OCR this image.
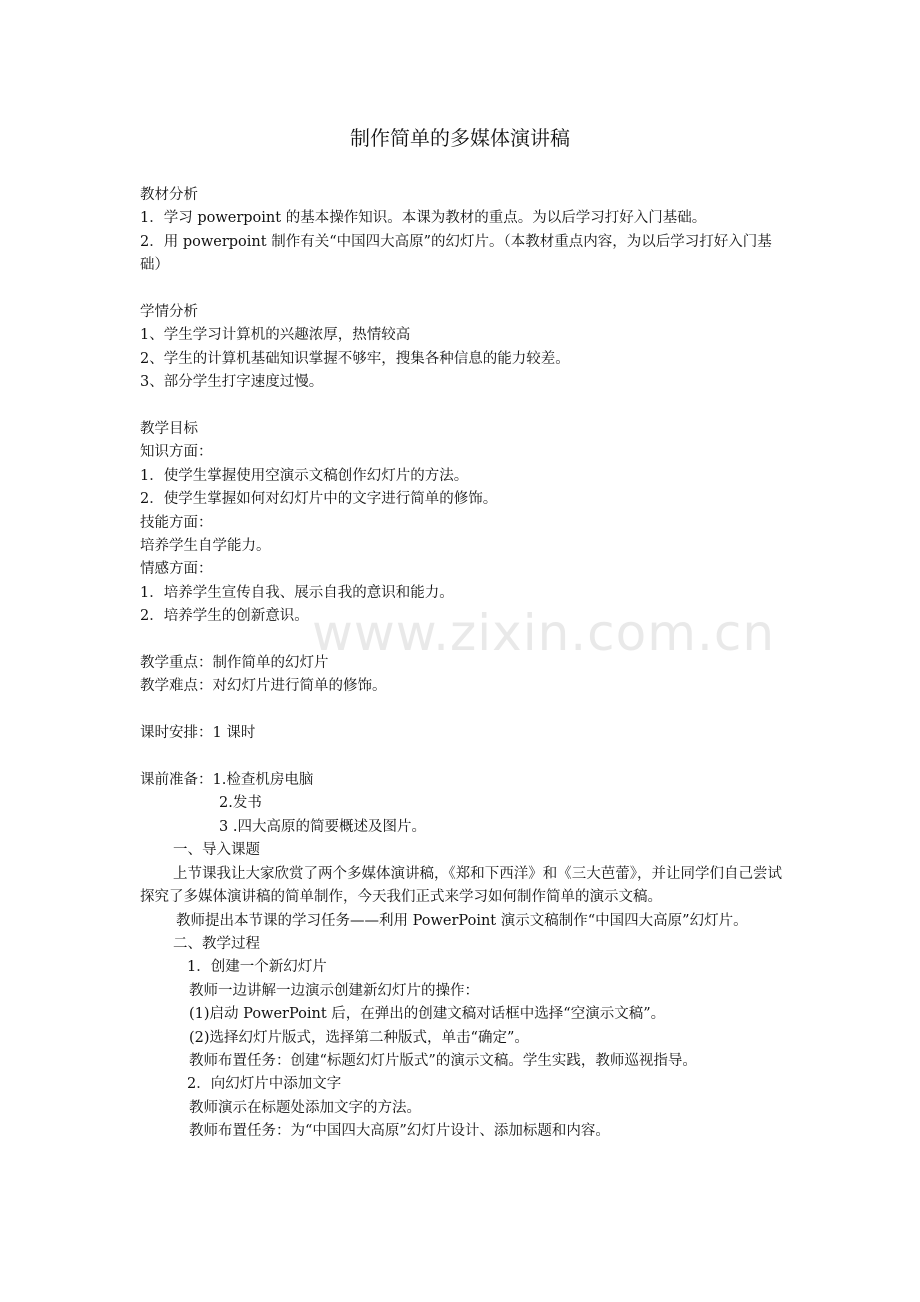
制作简单的多媒体演讲稿
www.zixin.com.cn

教材分析

1．学习 powerpoint 的基本操作知识。本课为教材的重点。为以后学习打好入门基础。

2．用 powerpoint 制作有关“中国四大高原”的幻灯片。（本教材重点内容，为以后学习打好入门基础）

学情分析

1、学生学习计算机的兴趣浓厚，热情较高

2、学生的计算机基础知识掌握不够牢，搜集各种信息的能力较差。

3、部分学生打字速度过慢。

教学目标

知识方面：

1．使学生掌握使用空演示文稿创作幻灯片的方法。

2．使学生掌握如何对幻灯片中的文字进行简单的修饰。

技能方面：

培养学生自学能力。

情感方面：

1．培养学生宣传自我、展示自我的意识和能力。

2．培养学生的创新意识。

教学重点：制作简单的幻灯片

教学难点：对幻灯片进行简单的修饰。

课时安排：1 课时

课前准备：1.检查机房电脑

2.发书

3 .四大高原的简要概述及图片。

一、导入课题

上节课我让大家欣赏了两个多媒体演讲稿，《郑和下西洋》和《三大芭蕾》，并让同学们自己尝试探究了多媒体演讲稿的简单制作，今天我们正式来学习如何制作简单的演示文稿。

教师提出本节课的学习任务——利用 PowerPoint 演示文稿制作“中国四大高原”幻灯片。

二、教学过程

1．创建一个新幻灯片

教师一边讲解一边演示创建新幻灯片的操作：

(1)启动 PowerPoint 后，在弹出的创建文稿对话框中选择“空演示文稿”。

(2)选择幻灯片版式，选择第二种版式，单击“确定”。

教师布置任务：创建“标题幻灯片版式”的演示文稿。学生实践，教师巡视指导。

2．向幻灯片中添加文字

教师演示在标题处添加文字的方法。

教师布置任务：为“中国四大高原”幻灯片设计、添加标题和内容。
